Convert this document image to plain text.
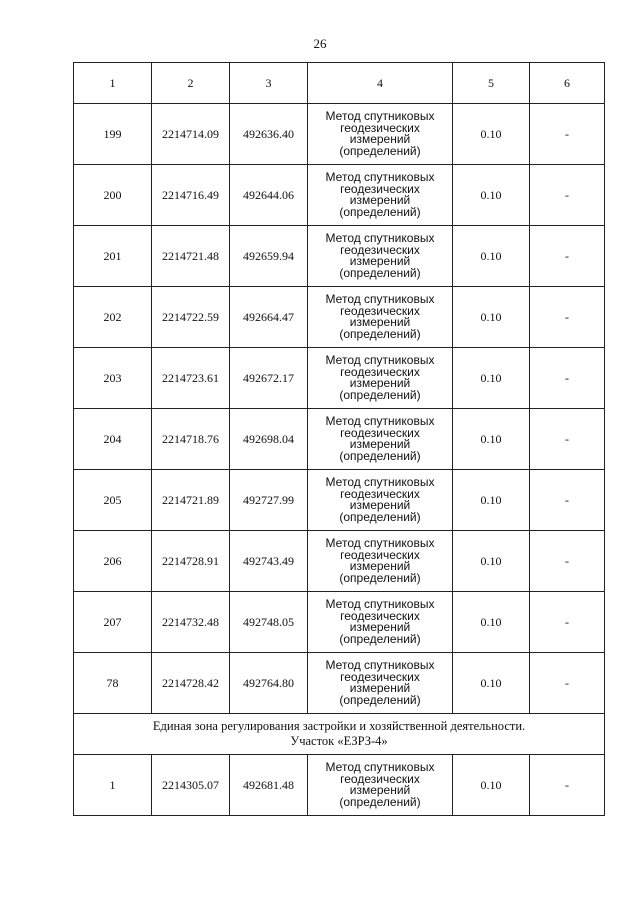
26
1	2	3	4	5	6
199	2214714.09	492636.40	Метод спутниковых
геодезических
измерений
(определений)	0.10	-
200	2214716.49	492644.06	Метод спутниковых
геодезических
измерений
(определений)	0.10	-
201	2214721.48	492659.94	Метод спутниковых
геодезических
измерений
(определений)	0.10	-
202	2214722.59	492664.47	Метод спутниковых
геодезических
измерений
(определений)	0.10	-
203	2214723.61	492672.17	Метод спутниковых
геодезических
измерений
(определений)	0.10	-
204	2214718.76	492698.04	Метод спутниковых
геодезических
измерений
(определений)	0.10	-
205	2214721.89	492727.99	Метод спутниковых
геодезических
измерений
(определений)	0.10	-
206	2214728.91	492743.49	Метод спутниковых
геодезических
измерений
(определений)	0.10	-
207	2214732.48	492748.05	Метод спутниковых
геодезических
измерений
(определений)	0.10	-
78	2214728.42	492764.80	Метод спутниковых
геодезических
измерений
(определений)	0.10	-

Единая зона регулирования застройки и хозяйственной деятельности.
Участок «ЕЗРЗ-4»					

1	2214305.07	492681.48	Метод спутниковых
геодезических
измерений
(определений)	0.10	-
